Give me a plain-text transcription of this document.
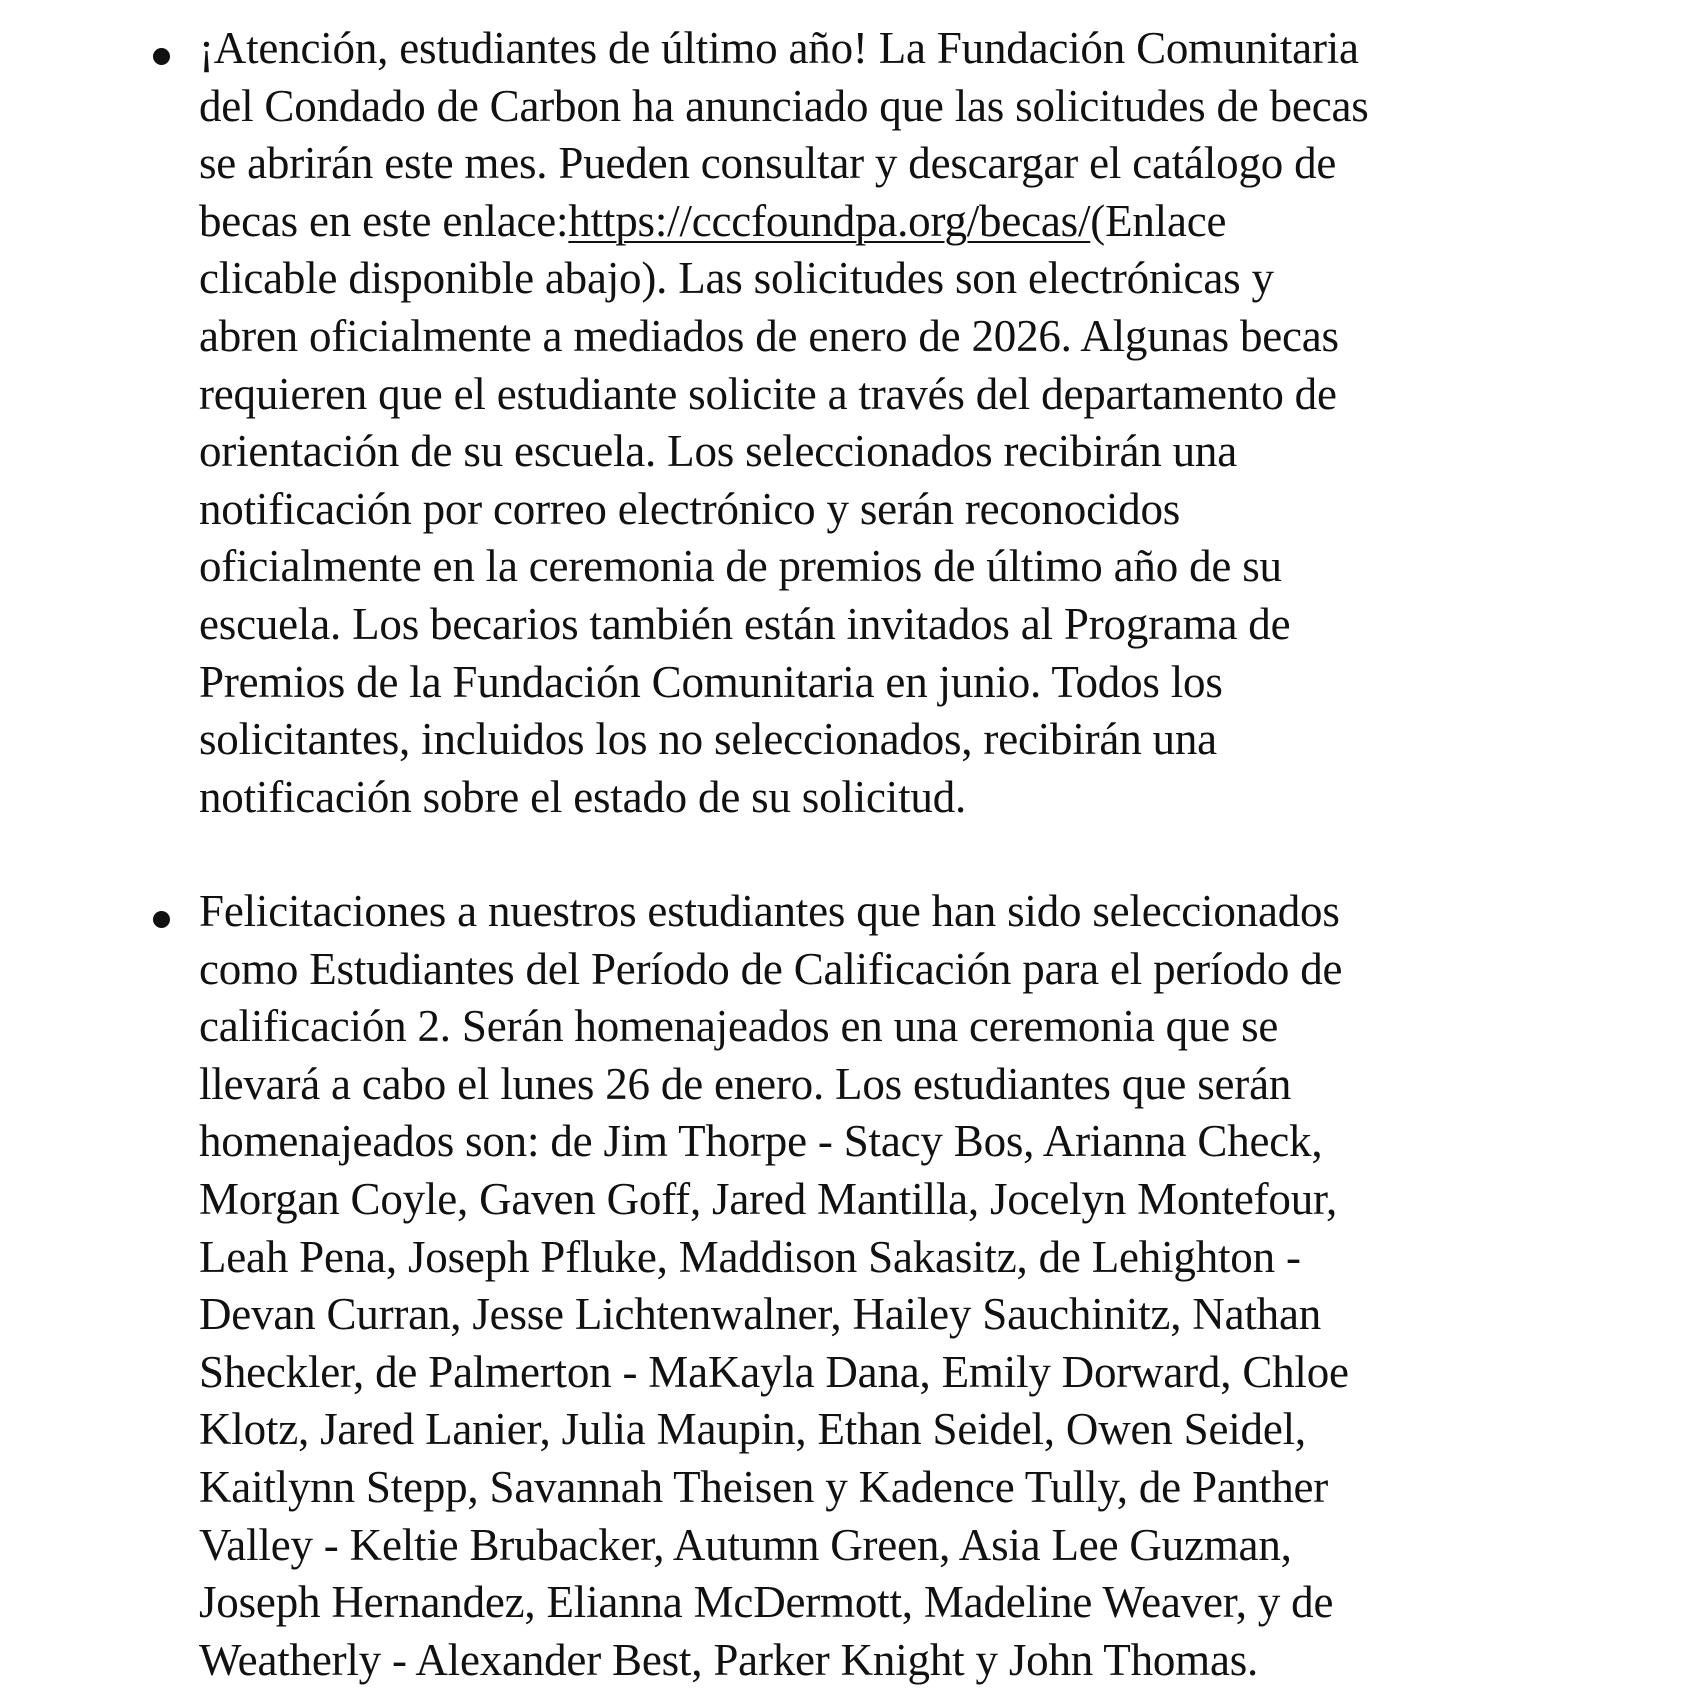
¡Atención, estudiantes de último año! La Fundación Comunitaria
del Condado de Carbon ha anunciado que las solicitudes de becas
se abrirán este mes. Pueden consultar y descargar el catálogo de
becas en este enlace:https://cccfoundpa.org/becas/(Enlace
clicable disponible abajo). Las solicitudes son electrónicas y
abren oficialmente a mediados de enero de 2026. Algunas becas
requieren que el estudiante solicite a través del departamento de
orientación de su escuela. Los seleccionados recibirán una
notificación por correo electrónico y serán reconocidos
oficialmente en la ceremonia de premios de último año de su
escuela. Los becarios también están invitados al Programa de
Premios de la Fundación Comunitaria en junio. Todos los
solicitantes, incluidos los no seleccionados, recibirán una
notificación sobre el estado de su solicitud.
Felicitaciones a nuestros estudiantes que han sido seleccionados
como Estudiantes del Período de Calificación para el período de
calificación 2. Serán homenajeados en una ceremonia que se
llevará a cabo el lunes 26 de enero. Los estudiantes que serán
homenajeados son: de Jim Thorpe - Stacy Bos, Arianna Check,
Morgan Coyle, Gaven Goff, Jared Mantilla, Jocelyn Montefour,
Leah Pena, Joseph Pfluke, Maddison Sakasitz, de Lehighton -
Devan Curran, Jesse Lichtenwalner, Hailey Sauchinitz, Nathan
Sheckler, de Palmerton - MaKayla Dana, Emily Dorward, Chloe
Klotz, Jared Lanier, Julia Maupin, Ethan Seidel, Owen Seidel,
Kaitlynn Stepp, Savannah Theisen y Kadence Tully, de Panther
Valley - Keltie Brubacker, Autumn Green, Asia Lee Guzman,
Joseph Hernandez, Elianna McDermott, Madeline Weaver, y de
Weatherly - Alexander Best, Parker Knight y John Thomas.
